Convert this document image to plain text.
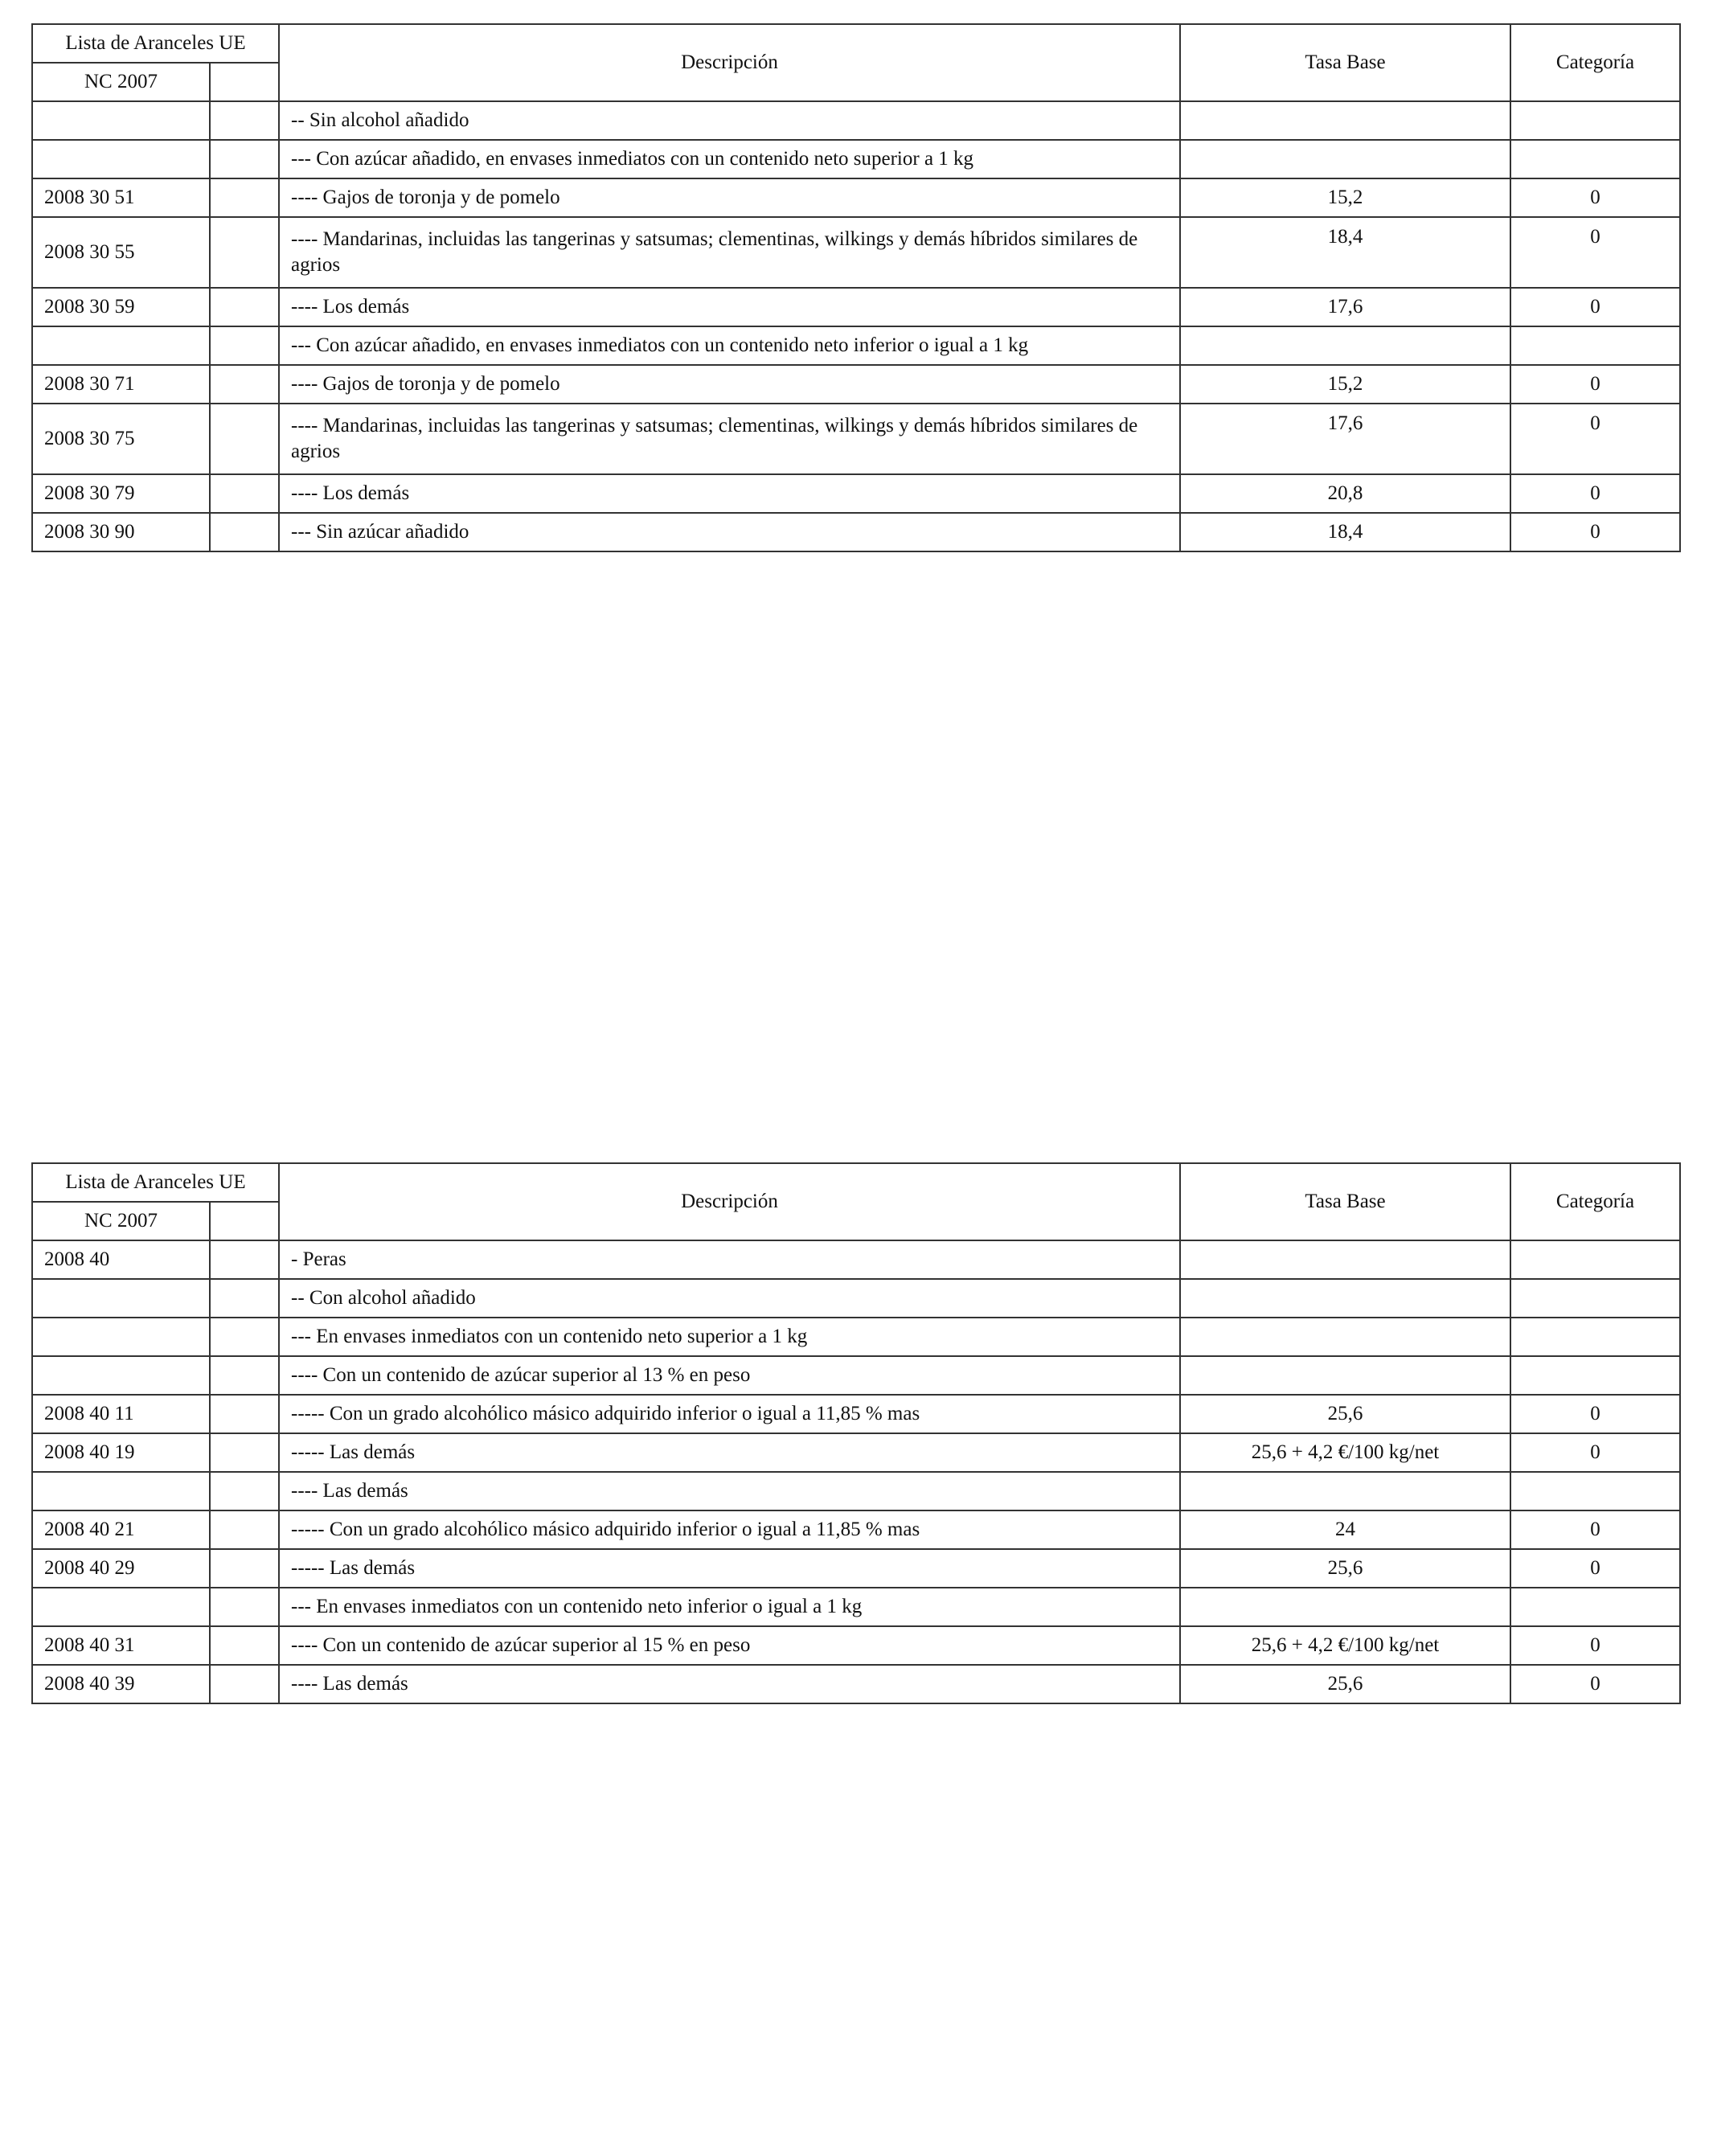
Lista de Aranceles UE		Descripción	Tasa Base	Categoría
NC 2007				
		-- Sin alcohol añadido		
		--- Con azúcar añadido, en envases inmediatos con un contenido neto superior a 1 kg		
2008 30 51		---- Gajos de toronja y de pomelo	15,2	0
2008 30 55		---- Mandarinas, incluidas las tangerinas y satsumas; clementinas, wilkings y demás híbridos similares de agrios	18,4	0
2008 30 59		---- Los demás	17,6	0
		--- Con azúcar añadido, en envases inmediatos con un contenido neto inferior o igual a 1 kg		
2008 30 71		---- Gajos de toronja y de pomelo	15,2	0
2008 30 75		---- Mandarinas, incluidas las tangerinas y satsumas; clementinas, wilkings y demás híbridos similares de agrios	17,6	0
2008 30 79		---- Los demás	20,8	0
2008 30 90		--- Sin azúcar añadido	18,4	0
Lista de Aranceles UE		Descripción	Tasa Base	Categoría
NC 2007				
2008 40		- Peras		
		-- Con alcohol añadido		
		--- En envases inmediatos con un contenido neto superior a 1 kg		
		---- Con un contenido de azúcar superior al 13 % en peso		
2008 40 11		----- Con un grado alcohólico másico adquirido inferior o igual a 11,85 % mas	25,6	0
2008 40 19		----- Las demás	25,6 + 4,2 €/100 kg/net	0
		---- Las demás		
2008 40 21		----- Con un grado alcohólico másico adquirido inferior o igual a 11,85 % mas	24	0
2008 40 29		----- Las demás	25,6	0
		--- En envases inmediatos con un contenido neto inferior o igual a 1 kg		
2008 40 31		---- Con un contenido de azúcar superior al 15 % en peso	25,6 + 4,2 €/100 kg/net	0
2008 40 39		---- Las demás	25,6	0
